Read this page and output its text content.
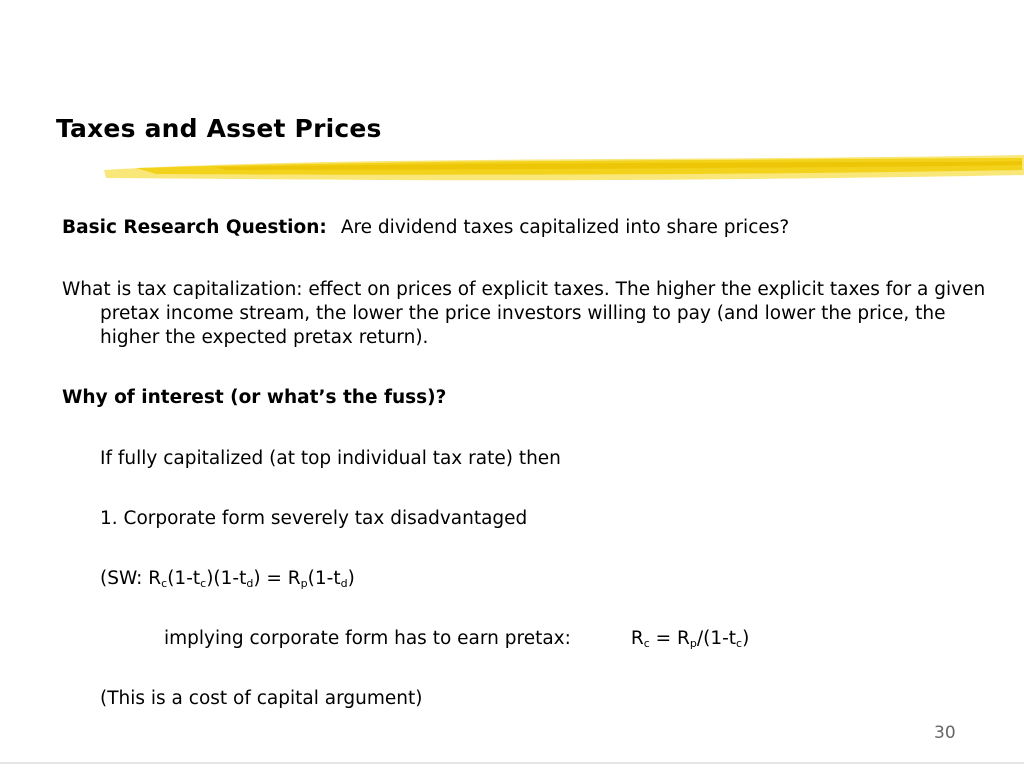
Taxes and Asset Prices
Basic Research Question: Are dividend taxes capitalized into share prices?
What is tax capitalization: effect on prices of explicit taxes. The higher the explicit taxes for a given pretax income stream, the lower the price investors willing to pay (and lower the price, the higher the expected pretax return).
Why of interest (or what’s the fuss)?
If fully capitalized (at top individual tax rate) then
1. Corporate form severely tax disadvantaged
(SW: $R_c(1-t_c)(1-t_d) = R_p(1-t_d)$
implying corporate form has to earn pretax:	$R_c = R_p/(1-t_c)$
(This is a cost of capital argument)
30
